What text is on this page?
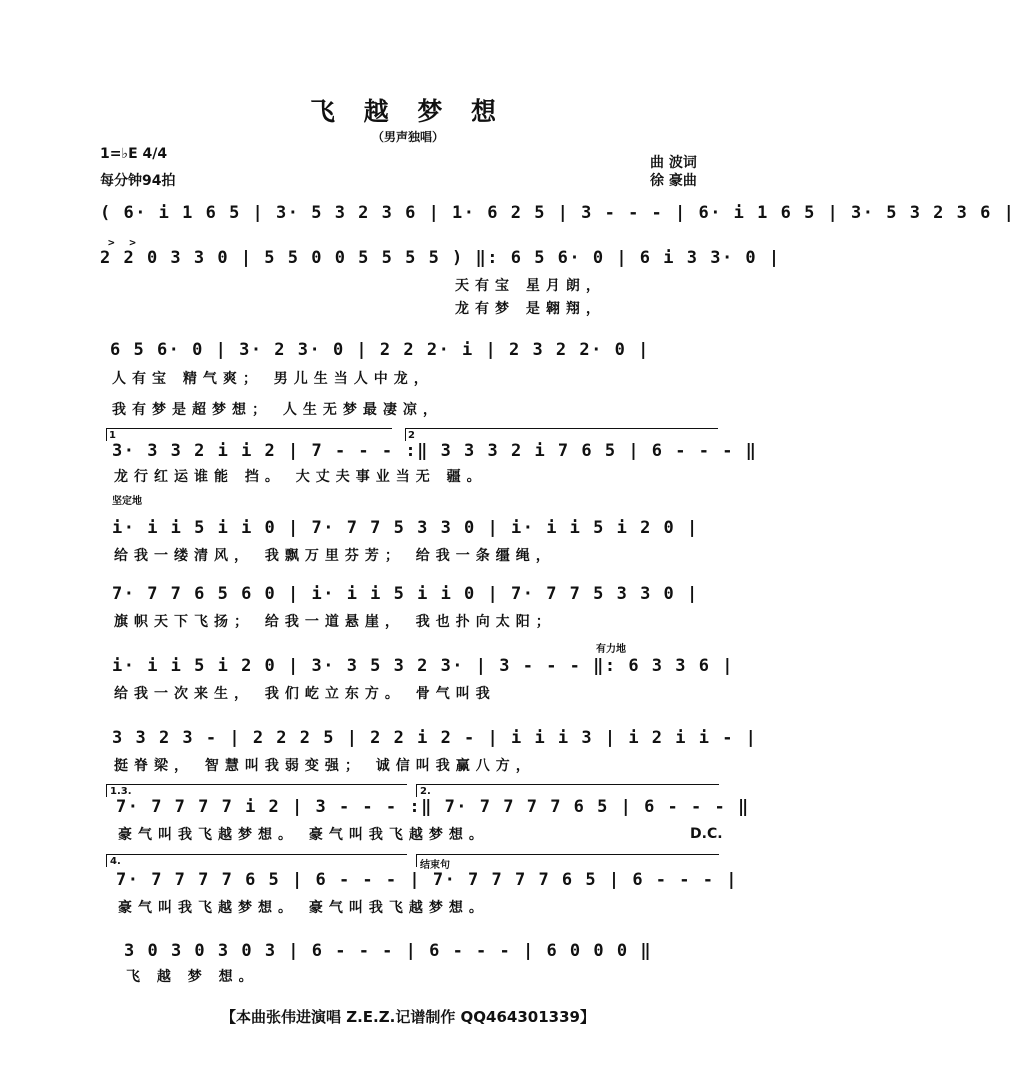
飞 越 梦 想
（男声独唱）
1=♭E 4/4
每分钟94拍
曲 波词
徐 豪曲
( 6· i 1 6 5 | 3· 5 3 2 3 6 | 1· 6 2 5 | 3 - - - | 6· i 1 6 5 | 3· 5 3 2 3 6 |
> >
2 2 0 3 3 0 | 5 5 0 0 5 5 5 5 ) ‖: 6 5 6· 0 | 6 i 3 3· 0 |
天有宝 星月朗，
龙有梦 是翱翔，
6 5 6· 0 | 3· 2 3· 0 | 2 2 2· i | 2 3 2 2· 0 |
人有宝 精气爽； 男儿生当人中龙，
我有梦是超梦想； 人生无梦最凄凉，
1	2
3· 3 3 2 i i 2 | 7 - - - :‖ 3 3 3 2 i 7 6 5 | 6 - - - ‖
龙行红运谁能 挡。 大丈夫事业当无 疆。
坚定地
i· i i 5 i i 0 | 7· 7 7 5 3 3 0 | i· i i 5 i 2 0 |
给我一缕清风， 我飘万里芬芳； 给我一条缰绳，
7· 7 7 6 5 6 0 | i· i i 5 i i 0 | 7· 7 7 5 3 3 0 |
旗帜天下飞扬； 给我一道悬崖， 我也扑向太阳；
有力地
i· i i 5 i 2 0 | 3· 3 5 3 2 3· | 3 - - - ‖: 6 3 3 6 |
给我一次来生， 我们屹立东方。 骨气叫我
3 3 2 3 - | 2 2 2 5 | 2 2 i 2 - | i i i 3 | i 2 i i - |
挺脊梁， 智慧叫我弱变强； 诚信叫我赢八方，
1.3.	2.
7· 7 7 7 7 i 2 | 3 - - - :‖ 7· 7 7 7 7 6 5 | 6 - - - ‖
豪气叫我飞越梦想。 豪气叫我飞越梦想。	D.C.
4.	结束句
7· 7 7 7 7 6 5 | 6 - - - | 7· 7 7 7 7 6 5 | 6 - - - |
豪气叫我飞越梦想。 豪气叫我飞越梦想。
3 0 3 0 3 0 3 | 6 - - - | 6 - - - | 6 0 0 0 ‖
飞 越 梦 想。
【本曲张伟进演唱 Z.E.Z.记谱制作 QQ464301339】
